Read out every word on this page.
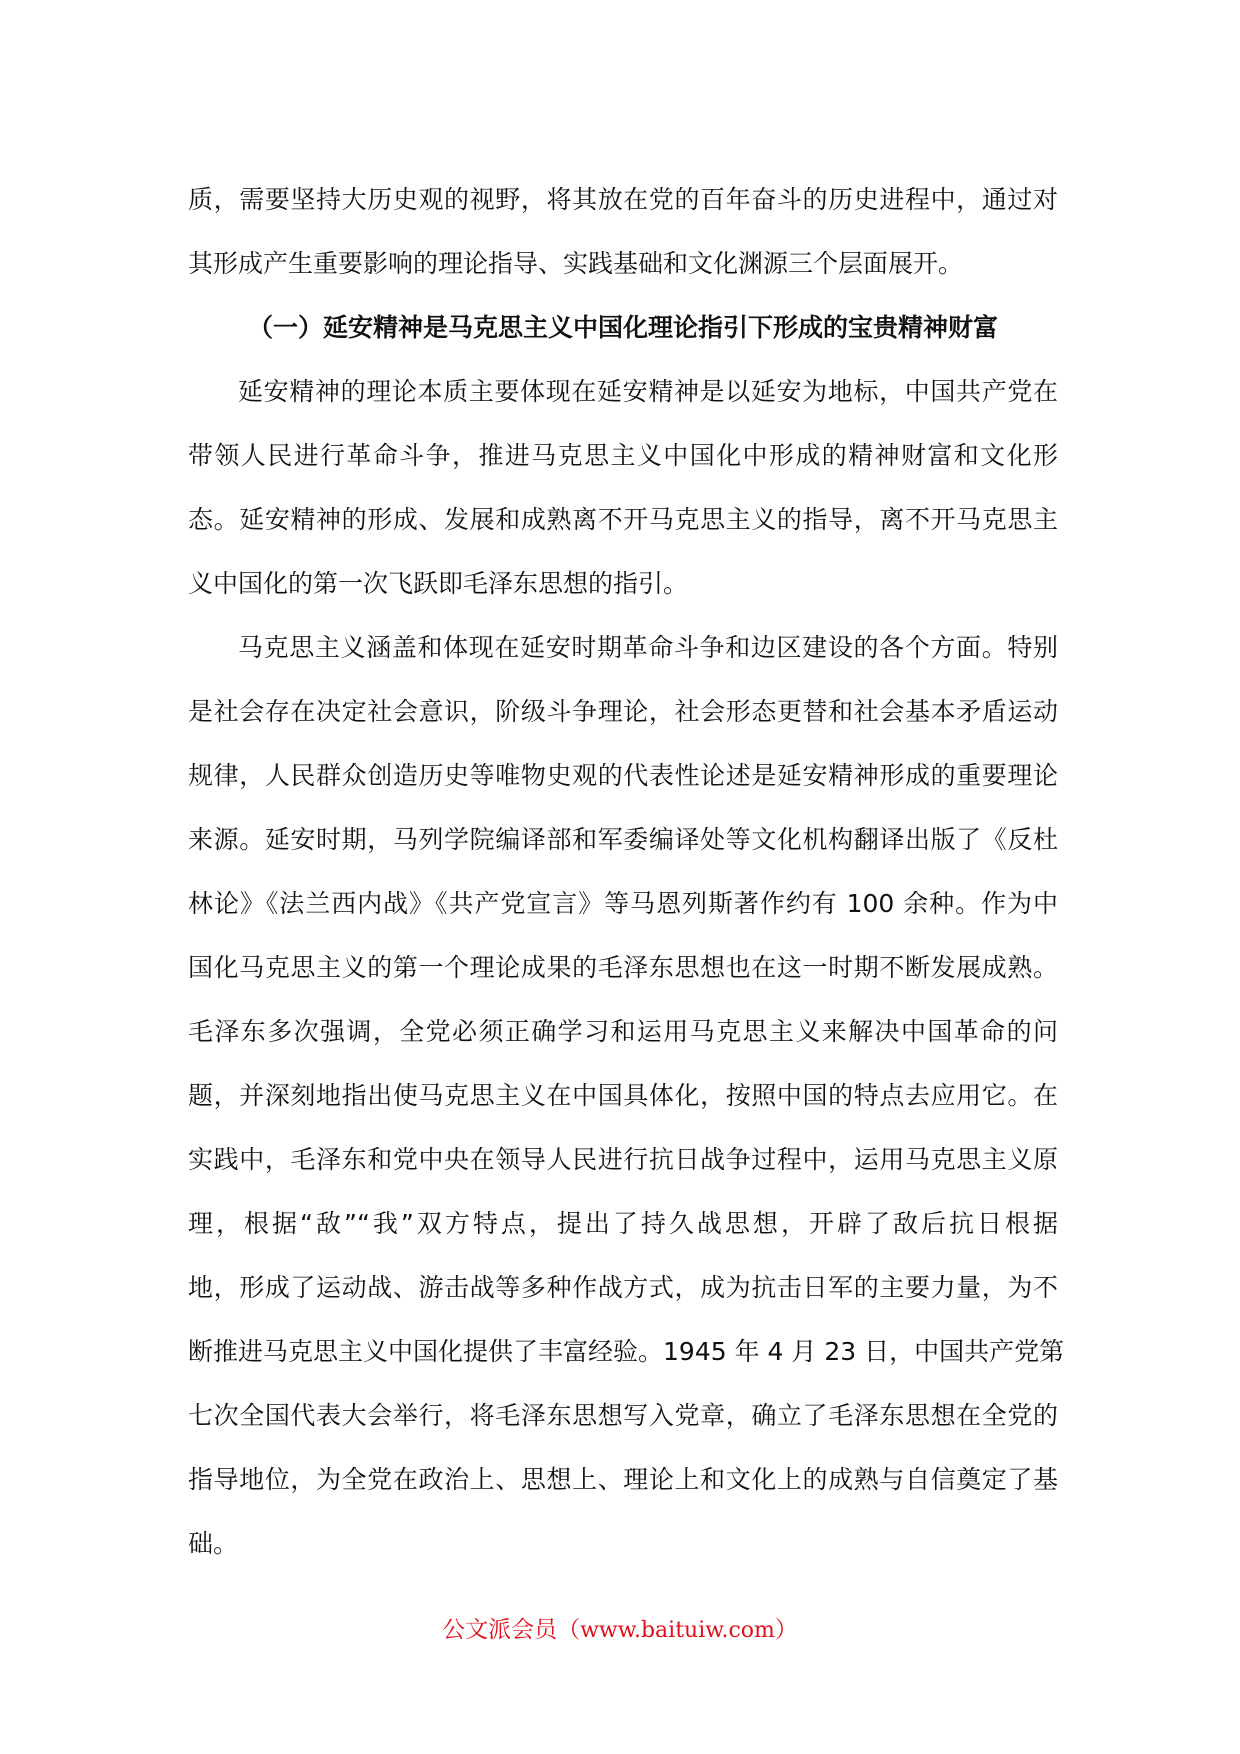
质，需要坚持大历史观的视野，将其放在党的百年奋斗的历史进程中，通过对
其形成产生重要影响的理论指导、实践基础和文化渊源三个层面展开。
（一）延安精神是马克思主义中国化理论指引下形成的宝贵精神财富
延安精神的理论本质主要体现在延安精神是以延安为地标，中国共产党在
带领人民进行革命斗争，推进马克思主义中国化中形成的精神财富和文化形
态。延安精神的形成、发展和成熟离不开马克思主义的指导，离不开马克思主
义中国化的第一次飞跃即毛泽东思想的指引。
马克思主义涵盖和体现在延安时期革命斗争和边区建设的各个方面。特别
是社会存在决定社会意识，阶级斗争理论，社会形态更替和社会基本矛盾运动
规律，人民群众创造历史等唯物史观的代表性论述是延安精神形成的重要理论
来源。延安时期，马列学院编译部和军委编译处等文化机构翻译出版了《反杜
林论》《法兰西内战》《共产党宣言》等马恩列斯著作约有 100 余种。作为中
国化马克思主义的第一个理论成果的毛泽东思想也在这一时期不断发展成熟。
毛泽东多次强调，全党必须正确学习和运用马克思主义来解决中国革命的问
题，并深刻地指出使马克思主义在中国具体化，按照中国的特点去应用它。在
实践中，毛泽东和党中央在领导人民进行抗日战争过程中，运用马克思主义原
理，根据“敌”“我”双方特点，提出了持久战思想，开辟了敌后抗日根据
地，形成了运动战、游击战等多种作战方式，成为抗击日军的主要力量，为不
断推进马克思主义中国化提供了丰富经验。1945 年 4 月 23 日，中国共产党第
七次全国代表大会举行，将毛泽东思想写入党章，确立了毛泽东思想在全党的
指导地位，为全党在政治上、思想上、理论上和文化上的成熟与自信奠定了基
础。
公文派会员（www.baituiw.com）
